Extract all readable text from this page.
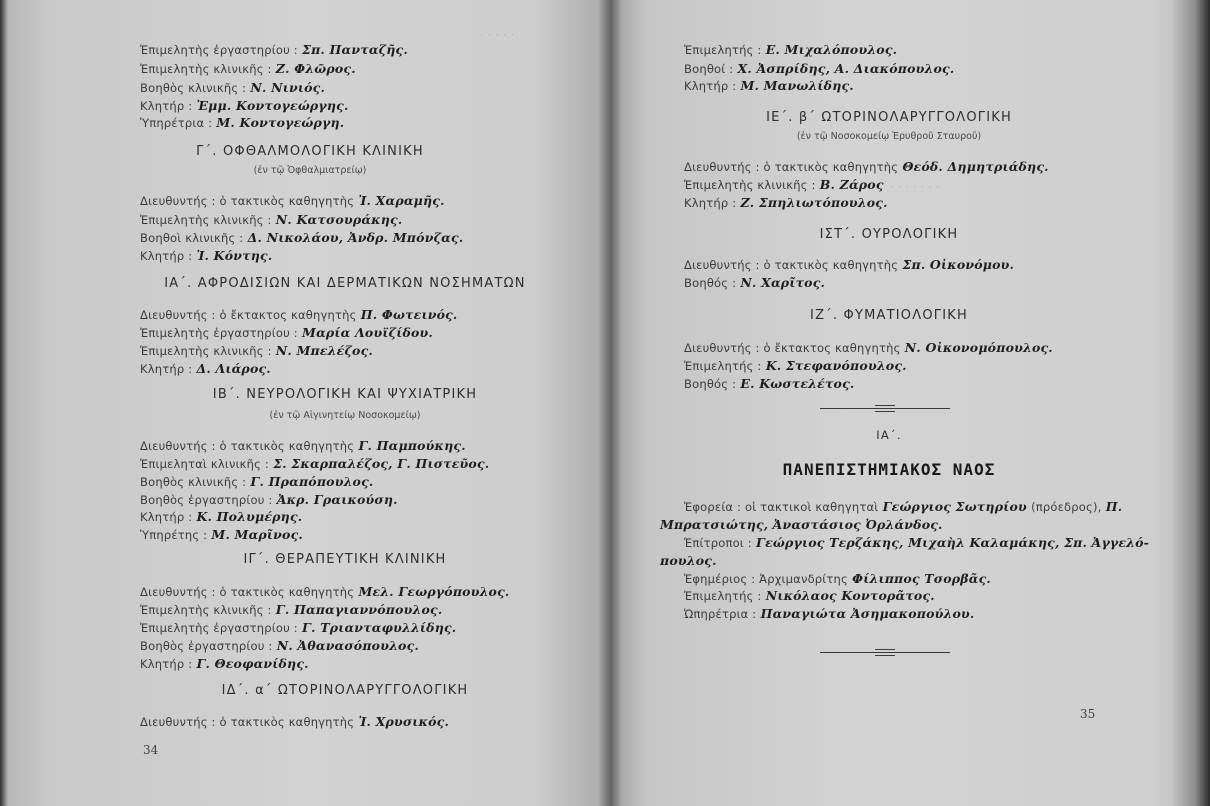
· · · · ·
Ἐπιμελητὴς ἐργαστηρίου : Σπ. Πανταζῆς.
Ἐπιμελητὴς κλινικῆς : Ζ. Φλῶρος.
Βοηθὸς κλινικῆς : Ν. Νινιός.
Κλητήρ : Ἐμμ. Κοντογεώργης.
Ὑπηρέτρια : Μ. Κοντογεώργη.
Γ΄. ΟΦΘΑΛΜΟΛΟΓΙΚΗ ΚΛΙΝΙΚΗ
(ἐν τῷ Ὀφθαλμιατρείῳ)
Διευθυντής : ὁ τακτικὸς καθηγητὴς Ἰ. Χαραμῆς.
Ἐπιμελητὴς κλινικῆς : Ν. Κατσουράκης.
Βοηθοὶ κλινικῆς : Δ. Νικολάου, Ἀνδρ. Μπόνζας.
Κλητήρ : Ἰ. Κόντης.
ΙΑ΄. ΑΦΡΟΔΙΣΙΩΝ ΚΑΙ ΔΕΡΜΑΤΙΚΩΝ ΝΟΣΗΜΑΤΩΝ
Διευθυντής : ὁ ἔκτακτος καθηγητὴς Π. Φωτεινός.
Ἐπιμελητὴς ἐργαστηρίου : Μαρία Λουϊζίδου.
Ἐπιμελητὴς κλινικῆς : Ν. Μπελέζος.
Κλητήρ : Δ. Λιάρος.
ΙΒ΄. ΝΕΥΡΟΛΟΓΙΚΗ ΚΑΙ ΨΥΧΙΑΤΡΙΚΗ
(ἐν τῷ Αἰγινητείῳ Νοσοκομείῳ)
Διευθυντής : ὁ τακτικὸς καθηγητὴς Γ. Παμπούκης.
Ἐπιμεληταὶ κλινικῆς : Σ. Σκαρπαλέζος, Γ. Πιστεῦος.
Βοηθὸς κλινικῆς : Γ. Πραπόπουλος.
Βοηθὸς ἐργαστηρίου : Ἀκρ. Γραικούση.
Κλητήρ : Κ. Πολυμέρης.
Ὑπηρέτης : Μ. Μαρῖνος.
ΙΓ΄. ΘΕΡΑΠΕΥΤΙΚΗ ΚΛΙΝΙΚΗ
Διευθυντής : ὁ τακτικὸς καθηγητὴς Μελ. Γεωργόπουλος.
Ἐπιμελητὴς κλινικῆς : Γ. Παπαγιαννόπουλος.
Ἐπιμελητὴς ἐργαστηρίου : Γ. Τριανταφυλλίδης.
Βοηθὸς ἐργαστηρίου : Ν. Ἀθανασόπουλος.
Κλητήρ : Γ. Θεοφανίδης.
ΙΔ΄. α΄ ΩΤΟΡΙΝΟΛΑΡΥΓΓΟΛΟΓΙΚΗ
Διευθυντής : ὁ τακτικὸς καθηγητὴς Ἰ. Χρυσικός.
34
· · · · · · ·
Ἐπιμελητής : Ε. Μιχαλόπουλος.
Βοηθοί : Χ. Ἀσπρίδης, Α. Διακόπουλος.
Κλητήρ : Μ. Μανωλίδης.
ΙΕ΄. β΄ ΩΤΟΡΙΝΟΛΑΡΥΓΓΟΛΟΓΙΚΗ
(ἐν τῷ Νοσοκομείῳ Ἐρυθροῦ Σταυροῦ)
Διευθυντής : ὁ τακτικὸς καθηγητὴς Θεόδ. Δημητριάδης.
Ἐπιμελητὴς κλινικῆς : Β. Ζάρος
Κλητήρ : Ζ. Σπηλιωτόπουλος.
ΙΣΤ΄. ΟΥΡΟΛΟΓΙΚΗ
Διευθυντής : ὁ τακτικὸς καθηγητὴς Σπ. Οἰκονόμου.
Βοηθός : Ν. Χαρῖτος.
ΙΖ΄. ΦΥΜΑΤΙΟΛΟΓΙΚΗ
Διευθυντής : ὁ ἔκτακτος καθηγητὴς Ν. Οἰκονομόπουλος.
Ἐπιμελητής : Κ. Στεφανόπουλος.
Βοηθός : Ε. Κωστελέτος.
ΙΑ΄.
ΠΑΝΕΠΙΣΤΗΜΙΑΚΟΣ ΝΑΟΣ
Ἐφορεία : οἱ τακτικοὶ καθηγηταὶ Γεώργιος Σωτηρίου (πρόεδρος), Π.
Μπρατσιώτης, Ἀναστάσιος Ὀρλάνδος.
Ἐπίτροποι : Γεώργιος Τερζάκης, Μιχαὴλ Καλαμάκης, Σπ. Ἀγγελό-
πουλος.
Ἐφημέριος : Ἀρχιμανδρίτης Φίλιππος Τσορβᾶς.
Ἐπιμελητής : Νικόλαος Κοντορᾶτος.
Ὠπηρέτρια : Παναγιώτα Ἀσημακοπούλου.
35
